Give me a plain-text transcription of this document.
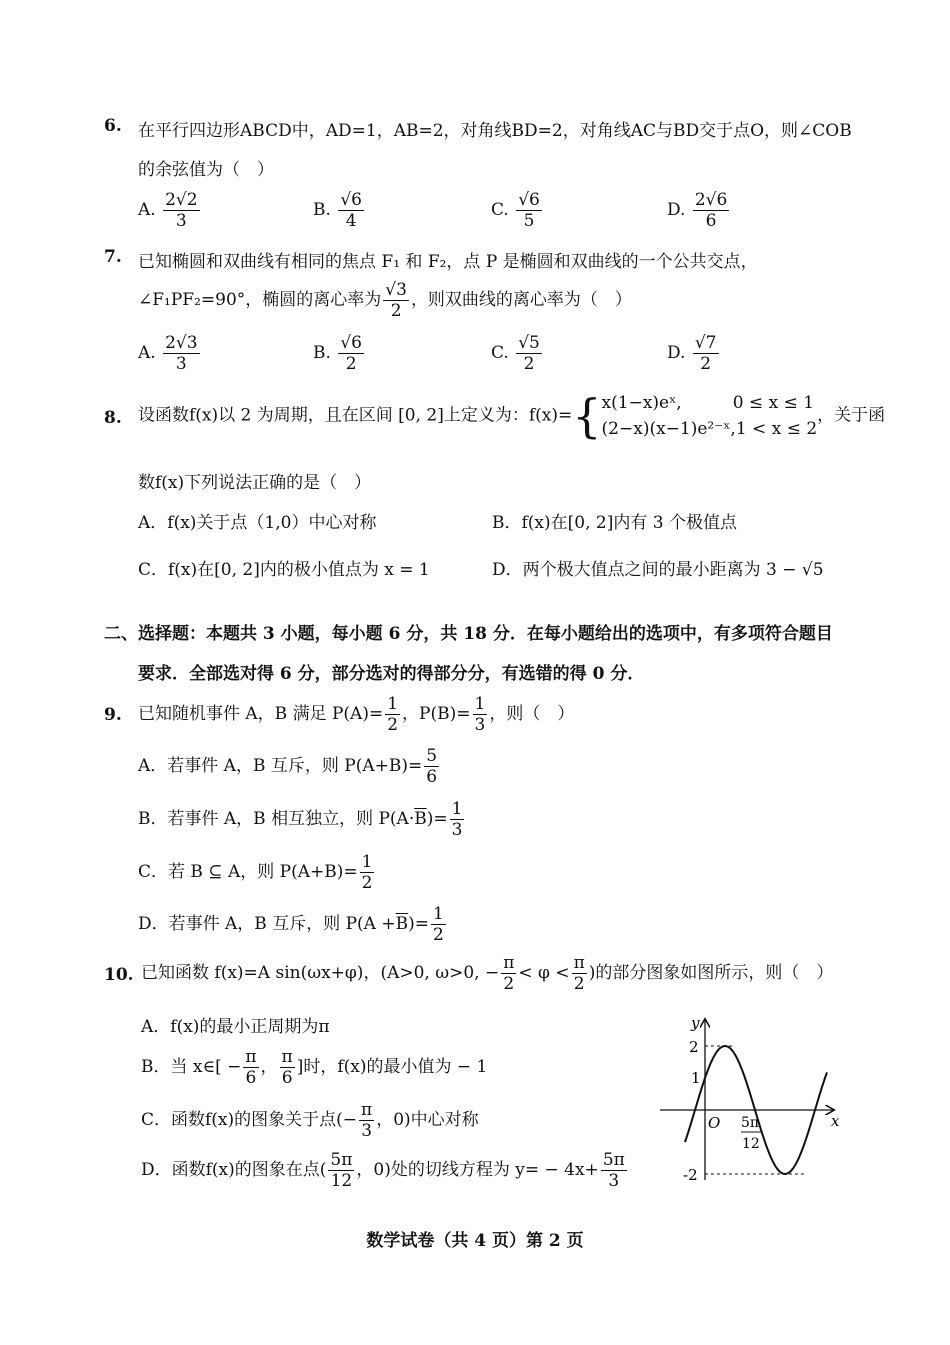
6. 在平行四边形ABCD中，AD=1，AB=2，对角线BD=2，对角线AC与BD交于点O，则∠COB
的余弦值为（　）
A. $\frac{2√2}{3}$	B. $\frac{√6}{4}$	C. $\frac{√6}{5}$	D. $\frac{2√6}{6}$
7. 已知椭圆和双曲线有相同的焦点 F₁ 和 F₂，点 P 是椭圆和双曲线的一个公共交点，
∠F₁PF₂=90°，椭圆的离心率为 $\frac{√3}{2}$ ，则双曲线的离心率为（　）
A. $\frac{2√3}{3}$	B. $\frac{√6}{2}$	C. $\frac{√5}{2}$	D. $\frac{√7}{2}$
8. 设函数f(x)以 2 为周期，且在区间 [0, 2]上定义为：f(x)={ x(1−x)eˣ,　　　0 ≤ x ≤ 1
(2−x)(x−1)e²⁻ˣ,1 < x ≤ 2
，关于函
数f(x)下列说法正确的是（　）
A．f(x)关于点（1,0）中心对称	B．f(x)在[0, 2]内有 3 个极值点
C．f(x)在[0, 2]内的极小值点为 x = 1	D．两个极大值点之间的最小距离为 3 − √5
二、选择题：本题共 3 小题，每小题 6 分，共 18 分．在每小题给出的选项中，有多项符合题目
要求．全部选对得 6 分，部分选对的得部分分，有选错的得 0 分．
9. 已知随机事件 A，B 满足 $P(A)= \frac{1}{2}$ ，$P(B)= \frac{1}{3}$ ，则（　）
A．若事件 A，B 互斥，则 $P(A+B)= \frac{5}{6}$
B．若事件 A，B 相互独立，则 $P(A\cdot\overline{B})= \frac{1}{3}$
C．若 B ⊆ A，则 $P(A+B)= \frac{1}{2}$
D．若事件 A，B 互斥，则 $P(A +\overline{B})= \frac{1}{2}$
10. 已知函数 f(x)=A sin(ωx+φ)，(A>0, ω>0, − $\frac{\pi}{2} < \varphi < \frac{\pi}{2}$ )的部分图象如图所示，则（　）
A．f(x)的最小正周期为π
B．当 x∈[ − $\frac{\pi}{6}$ ， $\frac{\pi}{6}$ ]时，f(x)的最小值为 − 1
C．函数f(x)的图象关于点(− $\frac{\pi}{3}$ ，0)中心对称
D．函数f(x)的图象在点( $\frac{5\pi}{12}$ ，0)处的切线方程为 $y= - 4x+ \frac{5\pi}{3}$
y
x
O
2
1
-2
5π
12
数学试卷（共 4 页）第 2 页
